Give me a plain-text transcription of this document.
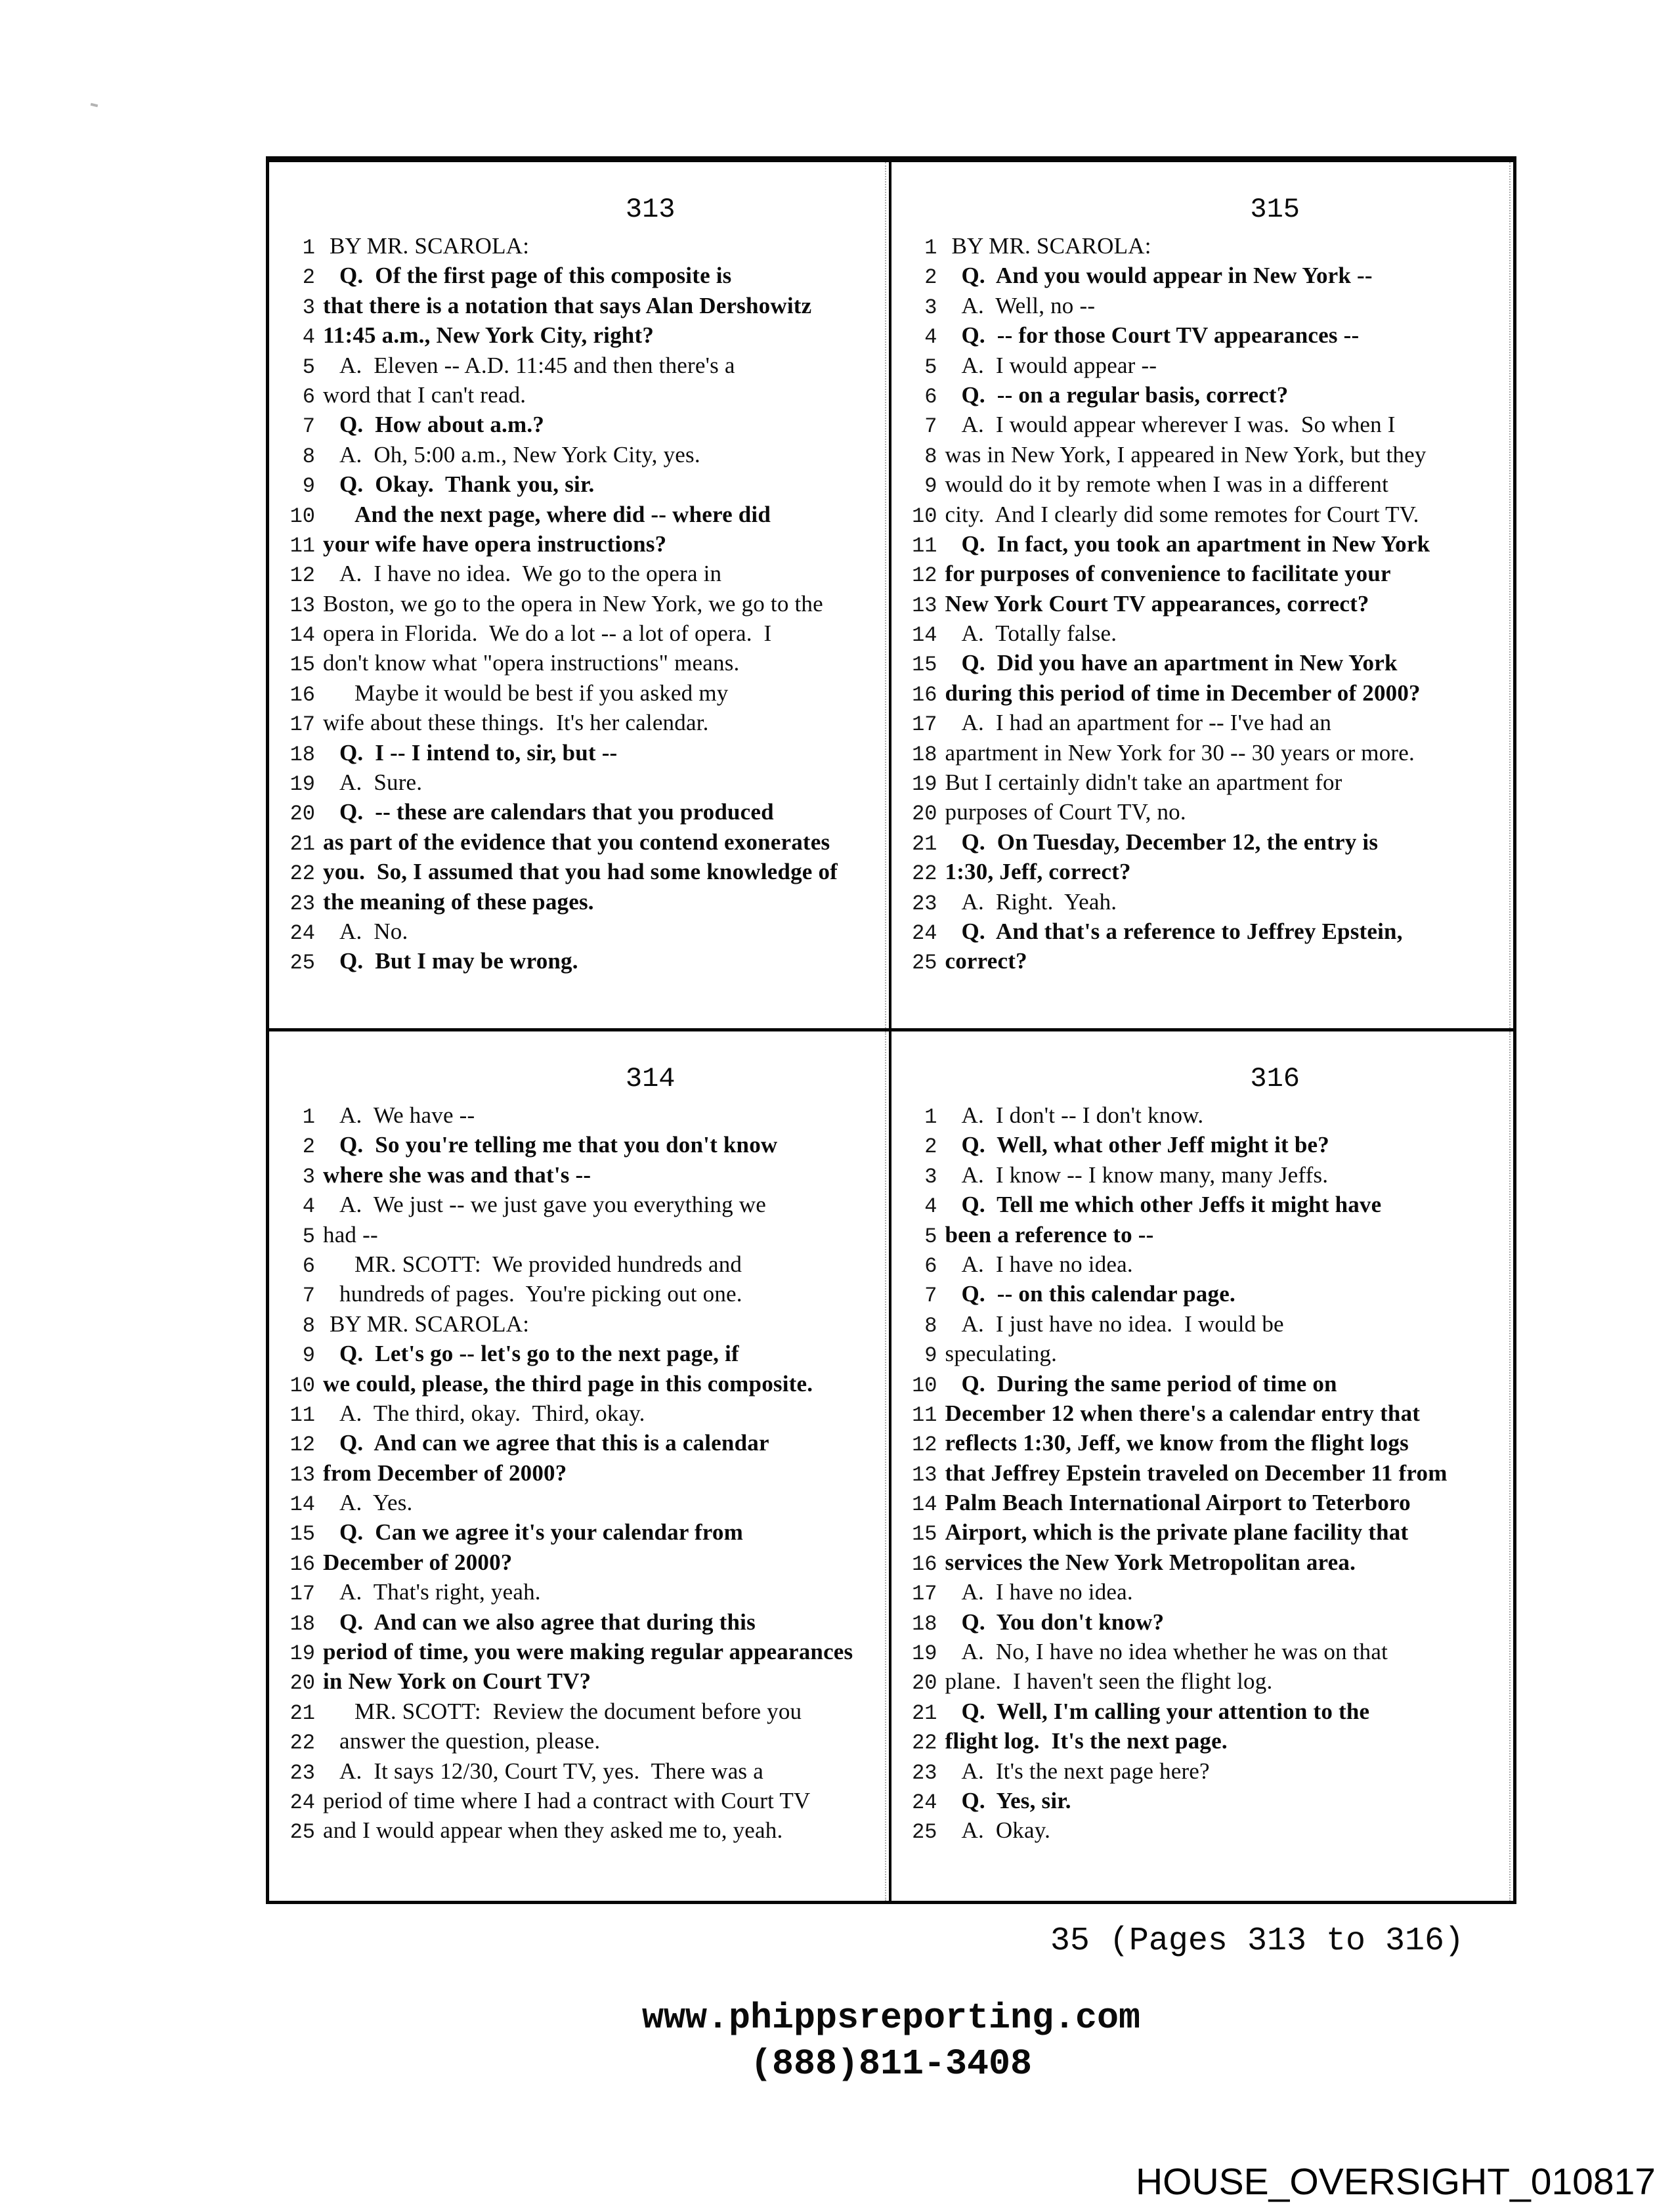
313
1 BY MR. SCAROLA:
2 Q.  Of the first page of this composite is
3 that there is a notation that says Alan Dershowitz
4 11:45 a.m., New York City, right?
5 A.  Eleven -- A.D. 11:45 and then there's a
6 word that I can't read.
7 Q.  How about a.m.?
8 A.  Oh, 5:00 a.m., New York City, yes.
9 Q.  Okay.  Thank you, sir.
10 And the next page, where did -- where did
11 your wife have opera instructions?
12 A.  I have no idea.  We go to the opera in
13 Boston, we go to the opera in New York, we go to the
14 opera in Florida.  We do a lot -- a lot of opera.  I
15 don't know what "opera instructions" means.
16 Maybe it would be best if you asked my
17 wife about these things.  It's her calendar.
18 Q.  I -- I intend to, sir, but --
19 A.  Sure.
20 Q.  -- these are calendars that you produced
21 as part of the evidence that you contend exonerates
22 you.  So, I assumed that you had some knowledge of
23 the meaning of these pages.
24 A.  No.
25 Q.  But I may be wrong.
315
1 BY MR. SCAROLA:
2 Q.  And you would appear in New York --
3 A.  Well, no --
4 Q.  -- for those Court TV appearances --
5 A.  I would appear --
6 Q.  -- on a regular basis, correct?
7 A.  I would appear wherever I was.  So when I
8 was in New York, I appeared in New York, but they
9 would do it by remote when I was in a different
10 city.  And I clearly did some remotes for Court TV.
11 Q.  In fact, you took an apartment in New York
12 for purposes of convenience to facilitate your
13 New York Court TV appearances, correct?
14 A.  Totally false.
15 Q.  Did you have an apartment in New York
16 during this period of time in December of 2000?
17 A.  I had an apartment for -- I've had an
18 apartment in New York for 30 -- 30 years or more.
19 But I certainly didn't take an apartment for
20 purposes of Court TV, no.
21 Q.  On Tuesday, December 12, the entry is
22 1:30, Jeff, correct?
23 A.  Right.  Yeah.
24 Q.  And that's a reference to Jeffrey Epstein,
25 correct?
314
1 A.  We have --
2 Q.  So you're telling me that you don't know
3 where she was and that's --
4 A.  We just -- we just gave you everything we
5 had --
6 MR. SCOTT:  We provided hundreds and
7 hundreds of pages.  You're picking out one.
8 BY MR. SCAROLA:
9 Q.  Let's go -- let's go to the next page, if
10 we could, please, the third page in this composite.
11 A.  The third, okay.  Third, okay.
12 Q.  And can we agree that this is a calendar
13 from December of 2000?
14 A.  Yes.
15 Q.  Can we agree it's your calendar from
16 December of 2000?
17 A.  That's right, yeah.
18 Q.  And can we also agree that during this
19 period of time, you were making regular appearances
20 in New York on Court TV?
21 MR. SCOTT:  Review the document before you
22 answer the question, please.
23 A.  It says 12/30, Court TV, yes.  There was a
24 period of time where I had a contract with Court TV
25 and I would appear when they asked me to, yeah.
316
1 A.  I don't -- I don't know.
2 Q.  Well, what other Jeff might it be?
3 A.  I know -- I know many, many Jeffs.
4 Q.  Tell me which other Jeffs it might have
5 been a reference to --
6 A.  I have no idea.
7 Q.  -- on this calendar page.
8 A.  I just have no idea.  I would be
9 speculating.
10 Q.  During the same period of time on
11 December 12 when there's a calendar entry that
12 reflects 1:30, Jeff, we know from the flight logs
13 that Jeffrey Epstein traveled on December 11 from
14 Palm Beach International Airport to Teterboro
15 Airport, which is the private plane facility that
16 services the New York Metropolitan area.
17 A.  I have no idea.
18 Q.  You don't know?
19 A.  No, I have no idea whether he was on that
20 plane.  I haven't seen the flight log.
21 Q.  Well, I'm calling your attention to the
22 flight log.  It's the next page.
23 A.  It's the next page here?
24 Q.  Yes, sir.
25 A.  Okay.
35 (Pages 313 to 316)
www.phippsreporting.com
(888)811-3408
HOUSE_OVERSIGHT_010817
